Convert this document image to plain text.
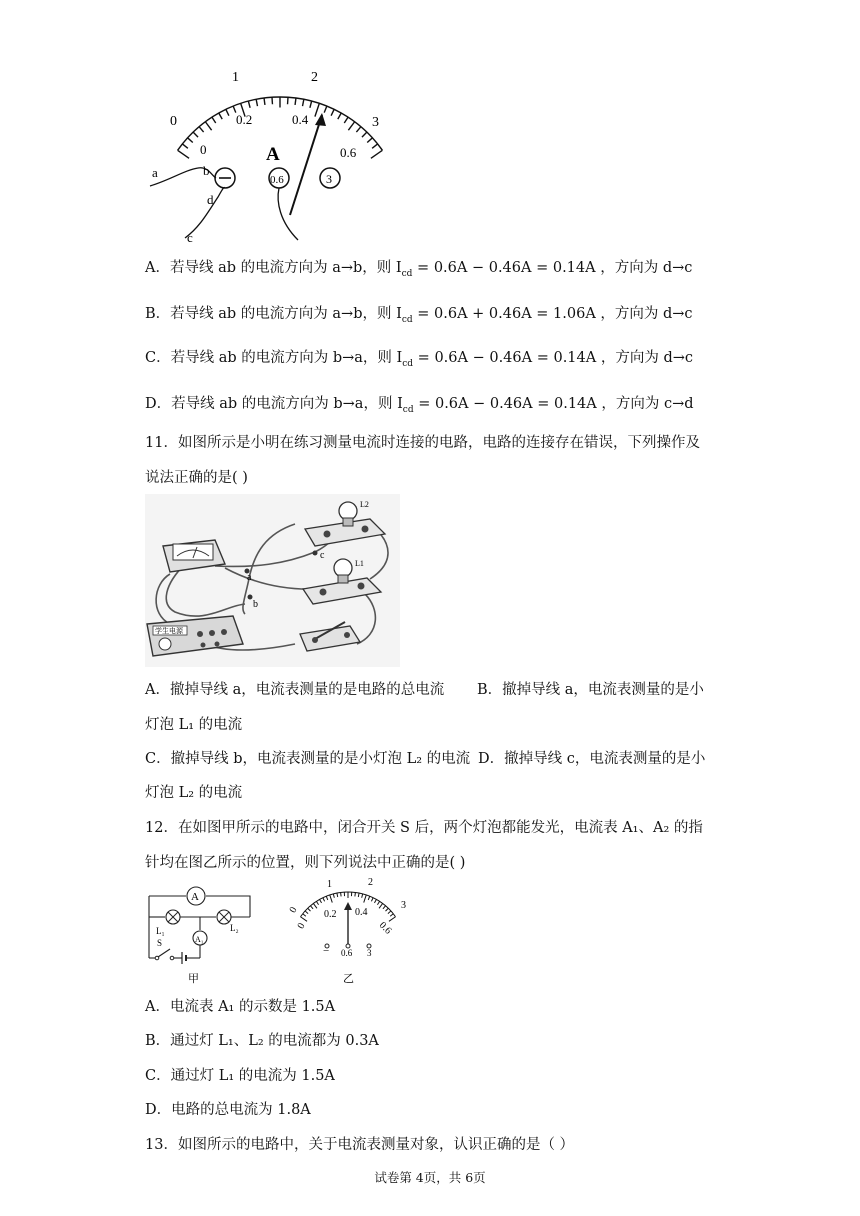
0
1	2
3
0
0.2	0.4
0.6
A
0.6	3
a	b
d
c
A．若导线 ab 的电流方向为 a→b，则 $I_{cd} = 0.6A - 0.46A = 0.14A$ ，方向为 d→c
B．若导线 ab 的电流方向为 a→b，则 $I_{cd} = 0.6A + 0.46A = 1.06A$ ，方向为 d→c
C．若导线 ab 的电流方向为 b→a，则 $I_{cd} = 0.6A - 0.46A = 0.14A$ ，方向为 d→c
D．若导线 ab 的电流方向为 b→a，则 $I_{cd} = 0.6A - 0.46A = 0.14A$ ，方向为 c→d
11．如图所示是小明在练习测量电流时连接的电路，电路的连接存在错误，下列操作及
说法正确的是( )
L2
L1
a
b
c
学生电源
A．撤掉导线 a，电流表测量的是电路的总电流 B．撤掉导线 a，电流表测量的是小
灯泡 L₁ 的电流
C．撤掉导线 b，电流表测量的是小灯泡 L₂ 的电流 D．撤掉导线 c，电流表测量的是小
灯泡 L₂ 的电流
12．在如图甲所示的电路中，闭合开关 S 后，两个灯泡都能发光，电流表 A₁、A₂ 的指
针均在图乙所示的位置，则下列说法中正确的是( )
A
L₁	L₂
A₁
S
甲
0
1	2
3
0
0.2 0.4
0.6
− 0.6 3
乙
A．电流表 A₁ 的示数是 1.5A
B．通过灯 L₁、L₂ 的电流都为 0.3A
C．通过灯 L₁ 的电流为 1.5A
D．电路的总电流为 1.8A
13．如图所示的电路中，关于电流表测量对象，认识正确的是（ ）
试卷第 4页，共 6页
